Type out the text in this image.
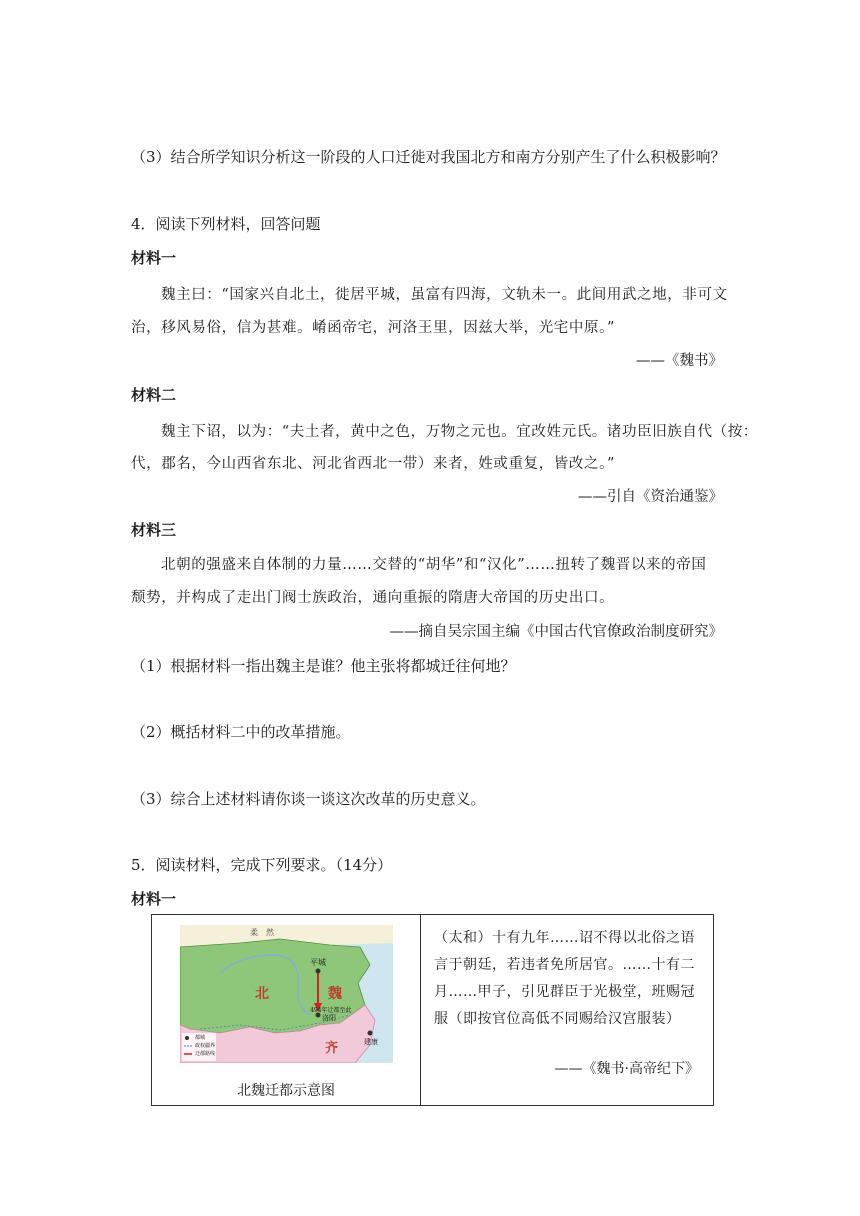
（3）结合所学知识分析这一阶段的人口迁徙对我国北方和南方分别产生了什么积极影响？
4．阅读下列材料，回答问题
材料一
魏主曰：“国家兴自北土，徙居平城，虽富有四海，文轨未一。此间用武之地，非可文
治，移风易俗，信为甚难。崤函帝宅，河洛王里，因兹大举，光宅中原。”
——《魏书》
材料二
魏主下诏，以为：“夫土者，黄中之色，万物之元也。宜改姓元氏。诸功臣旧族自代（按：
代，郡名，今山西省东北、河北省西北一带）来者，姓或重复，皆改之。”
——引自《资治通鉴》
材料三
北朝的强盛来自体制的力量……交替的“胡华”和“汉化”……扭转了魏晋以来的帝国
颓势，并构成了走出门阀士族政治，通向重振的隋唐大帝国的历史出口。
——摘自吴宗国主编《中国古代官僚政治制度研究》
（1）根据材料一指出魏主是谁？他主张将都城迁往何地？
（2）概括材料二中的改革措施。
（3）综合上述材料请你谈一谈这次改革的历史意义。
5．阅读材料，完成下列要求。（14分）
材料一
柔　然
北	魏
平城
494年迁都至此
洛阳
齐	建康
都城
政权疆界
迁都路线
北魏迁都示意图
（太和）十有九年……诏不得以北俗之语言于朝廷，若违者免所居官。……十有二月……甲子，引见群臣于光极堂，班赐冠服（即按官位高低不同赐给汉宫服装）
——《魏书·高帝纪下》
